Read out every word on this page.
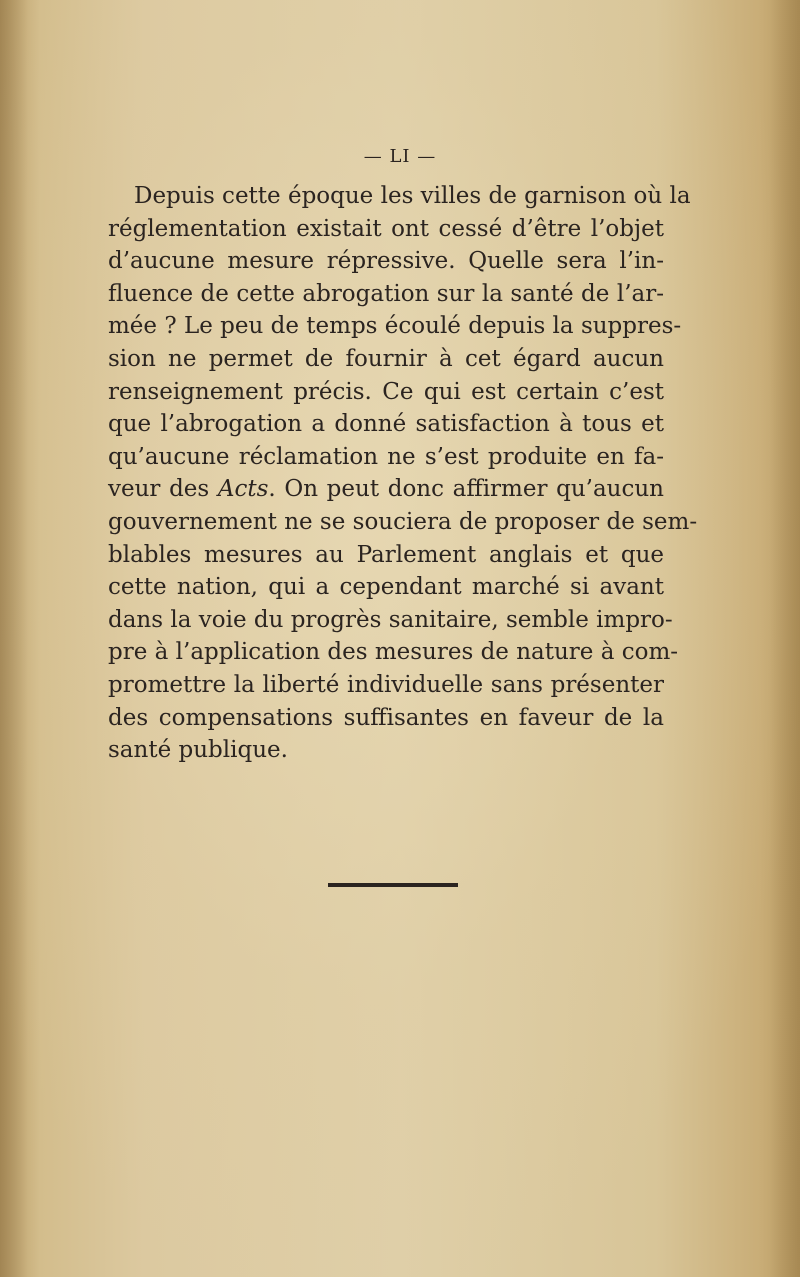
— LI —
Depuis cette époque les villes de garnison où la
réglementation existait ont cessé d’être l’objet
d’aucune mesure répressive. Quelle sera l’in-
fluence de cette abrogation sur la santé de l’ar-
mée ? Le peu de temps écoulé depuis la suppres-
sion ne permet de fournir à cet égard aucun
renseignement précis. Ce qui est certain c’est
que l’abrogation a donné satisfaction à tous et
qu’aucune réclamation ne s’est produite en fa-
veur des Acts. On peut donc affirmer qu’aucun
gouvernement ne se souciera de proposer de sem-
blables mesures au Parlement anglais et que
cette nation, qui a cependant marché si avant
dans la voie du progrès sanitaire, semble impro-
pre à l’application des mesures de nature à com-
promettre la liberté individuelle sans présenter
des compensations suffisantes en faveur de la
santé publique.
